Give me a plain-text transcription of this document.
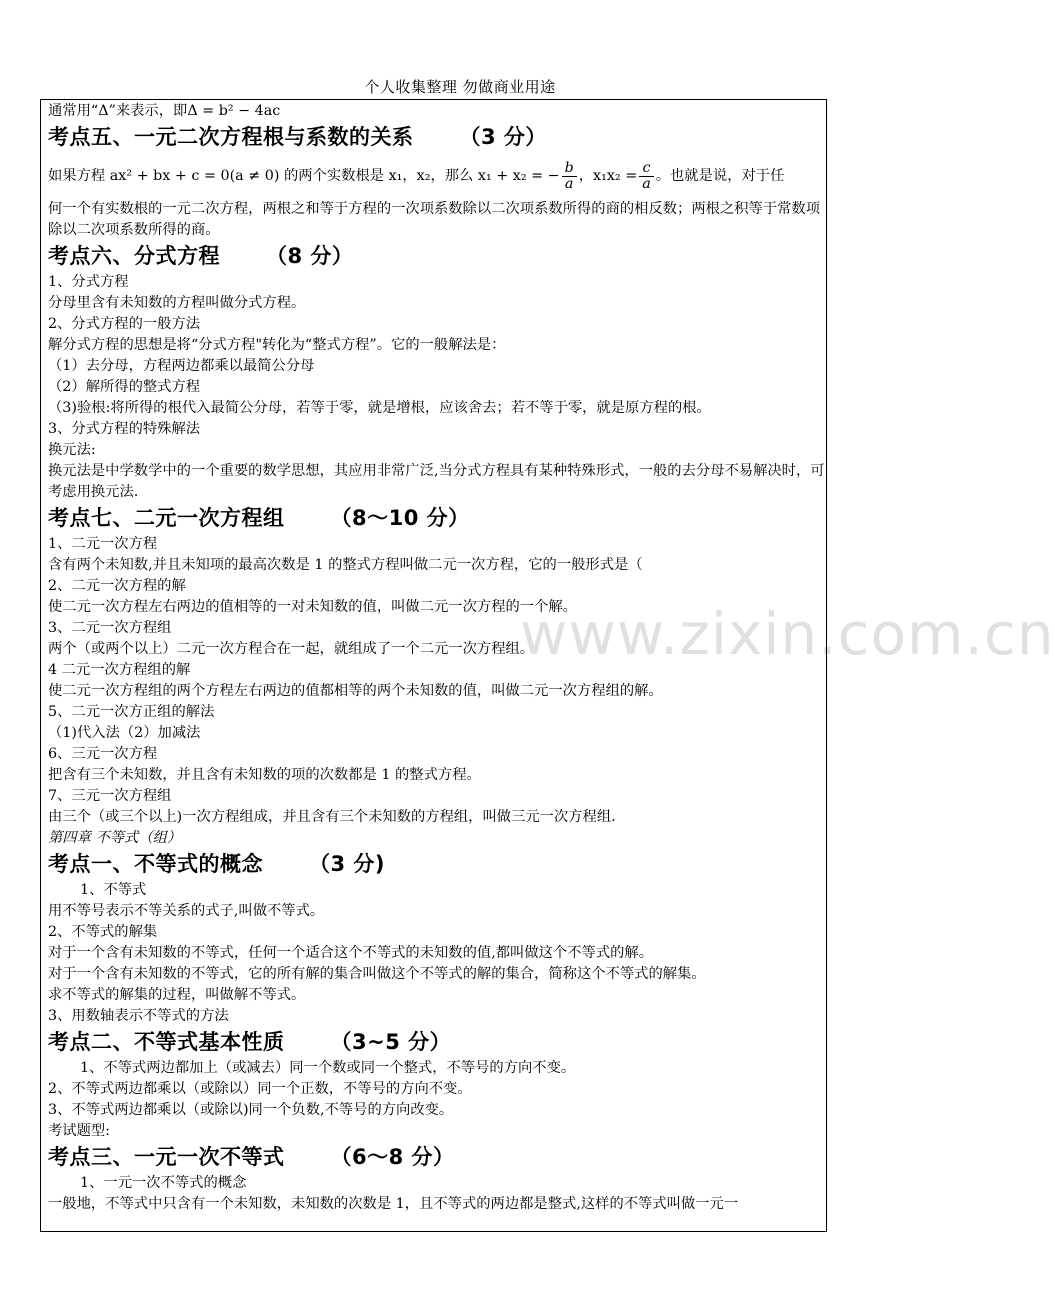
个人收集整理 勿做商业用途
www.zixin.com.cn
通常用“Δ”来表示，即Δ = b² − 4ac
考点五、一元二次方程根与系数的关系 （3 分）
如果方程 ax² + bx + c = 0(a ≠ 0) 的两个实数根是 x₁，x₂，那么 x₁ + x₂ = − $\frac{b}{a}$ ，$x_1x_2 = \frac{c}{a}$ 。也就是说，对于任
何一个有实数根的一元二次方程，两根之和等于方程的一次项系数除以二次项系数所得的商的相反数；两根之积等于常数项除以二次项系数所得的商。
考点六、分式方程 （8 分）
1、分式方程
分母里含有未知数的方程叫做分式方程。
2、分式方程的一般方法
解分式方程的思想是将“分式方程"转化为“整式方程”。它的一般解法是：
（1）去分母，方程两边都乘以最简公分母
（2）解所得的整式方程
（3)验根:将所得的根代入最简公分母，若等于零，就是增根，应该舍去；若不等于零，就是原方程的根。
3、分式方程的特殊解法
换元法:
换元法是中学数学中的一个重要的数学思想，其应用非常广泛,当分式方程具有某种特殊形式，一般的去分母不易解决时，可考虑用换元法.
考点七、二元一次方程组 （8～10 分）
1、二元一次方程
含有两个未知数,并且未知项的最高次数是 1 的整式方程叫做二元一次方程，它的一般形式是（
2、二元一次方程的解
使二元一次方程左右两边的值相等的一对未知数的值，叫做二元一次方程的一个解。
3、二元一次方程组
两个（或两个以上）二元一次方程合在一起，就组成了一个二元一次方程组。
4 二元一次方程组的解
使二元一次方程组的两个方程左右两边的值都相等的两个未知数的值，叫做二元一次方程组的解。
5、二元一次方正组的解法
（1)代入法（2）加减法
6、三元一次方程
把含有三个未知数，并且含有未知数的项的次数都是 1 的整式方程。
7、三元一次方程组
由三个（或三个以上)一次方程组成，并且含有三个未知数的方程组，叫做三元一次方程组.
第四章 不等式（组）
考点一、不等式的概念 （3 分)
1、不等式
用不等号表示不等关系的式子,叫做不等式。
2、不等式的解集
对于一个含有未知数的不等式，任何一个适合这个不等式的未知数的值,都叫做这个不等式的解。
对于一个含有未知数的不等式，它的所有解的集合叫做这个不等式的解的集合，简称这个不等式的解集。
求不等式的解集的过程，叫做解不等式。
3、用数轴表示不等式的方法
考点二、不等式基本性质 （3~5 分）
1、不等式两边都加上（或减去）同一个数或同一个整式，不等号的方向不变。
2、不等式两边都乘以（或除以）同一个正数，不等号的方向不变。
3、不等式两边都乘以（或除以)同一个负数,不等号的方向改变。
考试题型:
考点三、一元一次不等式 （6～8 分）
1、一元一次不等式的概念
一般地，不等式中只含有一个未知数，未知数的次数是 1，且不等式的两边都是整式,这样的不等式叫做一元一
